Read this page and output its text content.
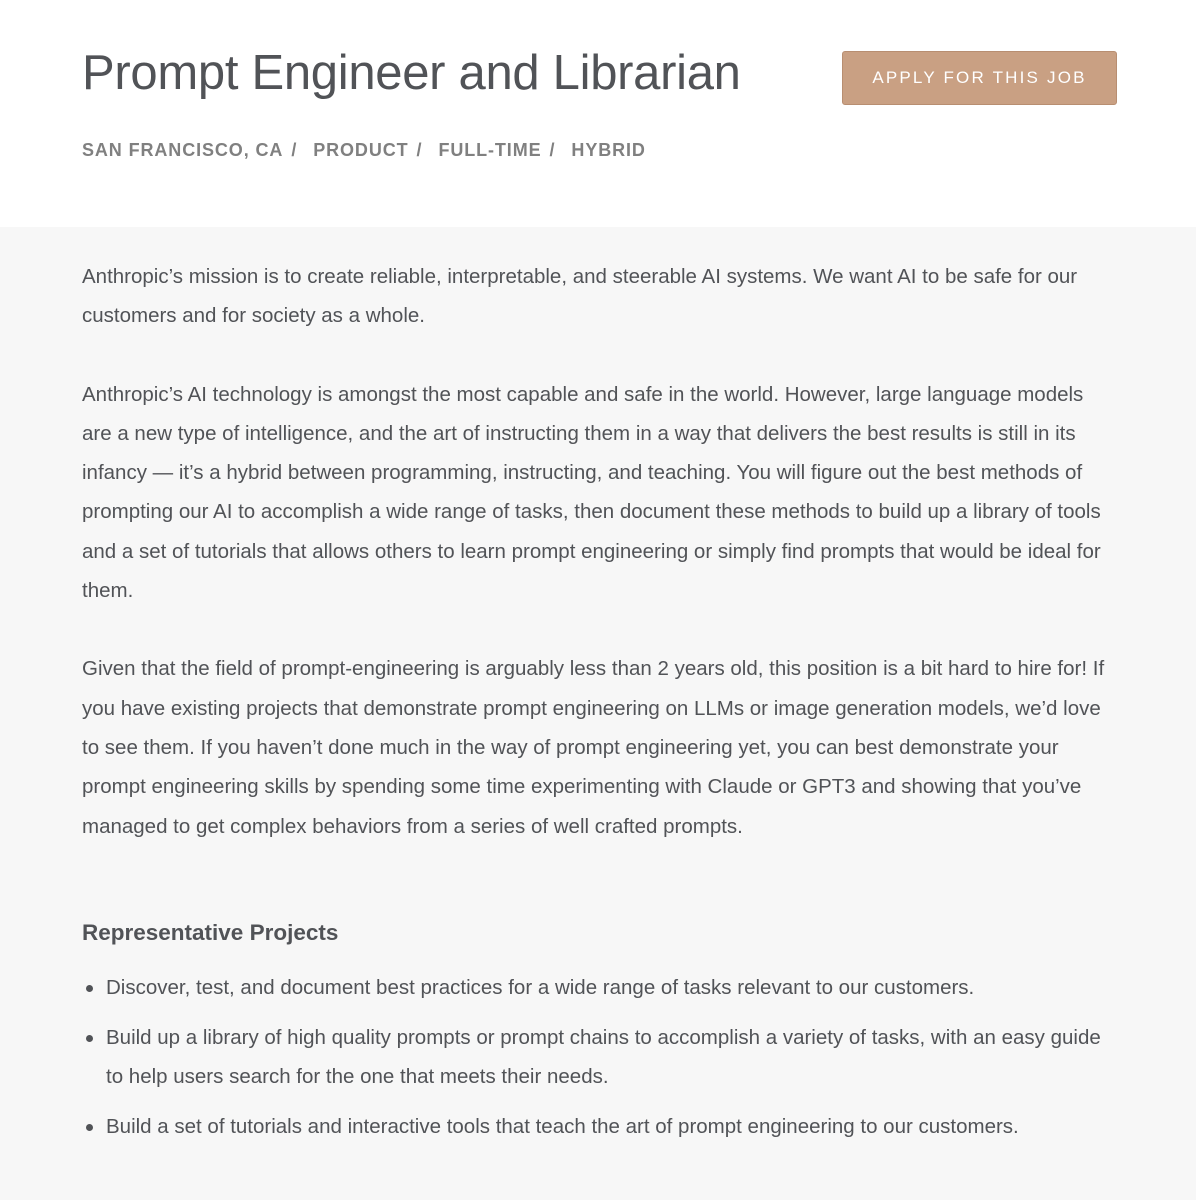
Prompt Engineer and Librarian	APPLY FOR THIS JOB
SAN FRANCISCO, CA / PRODUCT / FULL-TIME / HYBRID

Anthropic’s mission is to create reliable, interpretable, and steerable AI systems. We want AI to be safe for our customers and for society as a whole.

Anthropic’s AI technology is amongst the most capable and safe in the world. However, large language models are a new type of intelligence, and the art of instructing them in a way that delivers the best results is still in its infancy — it’s a hybrid between programming, instructing, and teaching. You will figure out the best methods of prompting our AI to accomplish a wide range of tasks, then document these methods to build up a library of tools and a set of tutorials that allows others to learn prompt engineering or simply find prompts that would be ideal for them.

Given that the field of prompt-engineering is arguably less than 2 years old, this position is a bit hard to hire for! If you have existing projects that demonstrate prompt engineering on LLMs or image generation models, we’d love to see them. If you haven’t done much in the way of prompt engineering yet, you can best demonstrate your prompt engineering skills by spending some time experimenting with Claude or GPT3 and showing that you’ve managed to get complex behaviors from a series of well crafted prompts.

Representative Projects
Discover, test, and document best practices for a wide range of tasks relevant to our customers.
Build up a library of high quality prompts or prompt chains to accomplish a variety of tasks, with an easy guide to help users search for the one that meets their needs.
Build a set of tutorials and interactive tools that teach the art of prompt engineering to our customers.
